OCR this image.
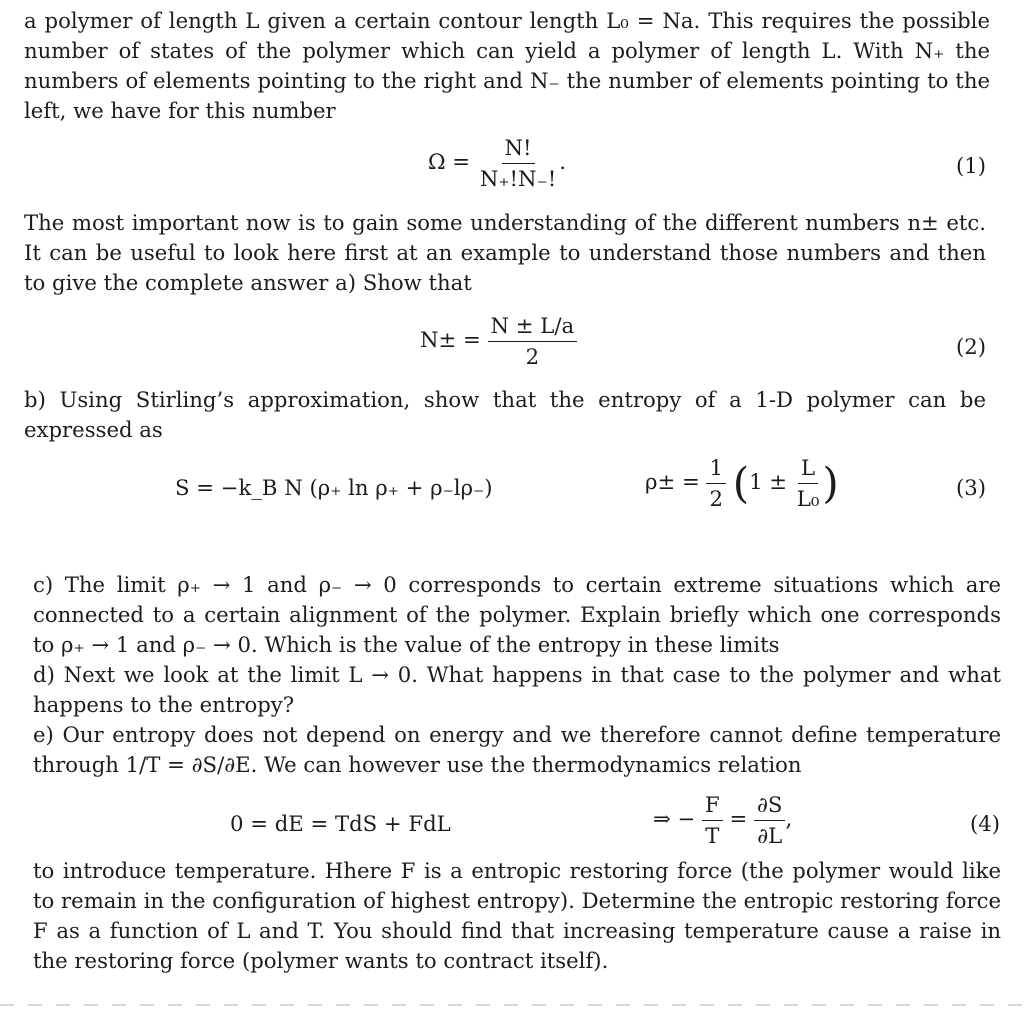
a polymer of length L given a certain contour length L₀ = Na. This requires the possible number of states of the polymer which can yield a polymer of length L. With N₊ the numbers of elements pointing to the right and N₋ the number of elements pointing to the left, we have for this number
$\Omega = \frac{N!}{N_+!N_-!}$ .	(1)
The most important now is to gain some understanding of the different numbers n± etc. It can be useful to look here first at an example to understand those numbers and then to give the complete answer a) Show that
$N\pm = \frac{N \pm L/a}{2}$	(2)
b) Using Stirling’s approximation, show that the entropy of a 1-D polymer can be expressed as
S = −k_B N (ρ₊ ln ρ₊ + ρ₋lρ₋)	$\rho\pm = \frac{1}{2} (1 \pm \frac{L}{\text{L₀}}$ )	(3)
c) The limit ρ₊ → 1 and ρ₋ → 0 corresponds to certain extreme situations which are connected to a certain alignment of the polymer. Explain briefly which one corresponds to ρ₊ → 1 and ρ₋ → 0. Which is the value of the entropy in these limits
d) Next we look at the limit L → 0. What happens in that case to the polymer and what happens to the entropy?
e) Our entropy does not depend on energy and we therefore cannot define temperature through 1/T = ∂S/∂E. We can however use the thermodynamics relation
0 = dE = TdS + FdL	⇒ − $\frac{F}{T} = \frac{\partial S}{\partial L}$ ,	(4)
to introduce temperature. Hhere F is a entropic restoring force (the polymer would like to remain in the configuration of highest entropy). Determine the entropic restoring force F as a function of L and T. You should find that increasing temperature cause a raise in the restoring force (polymer wants to contract itself).
